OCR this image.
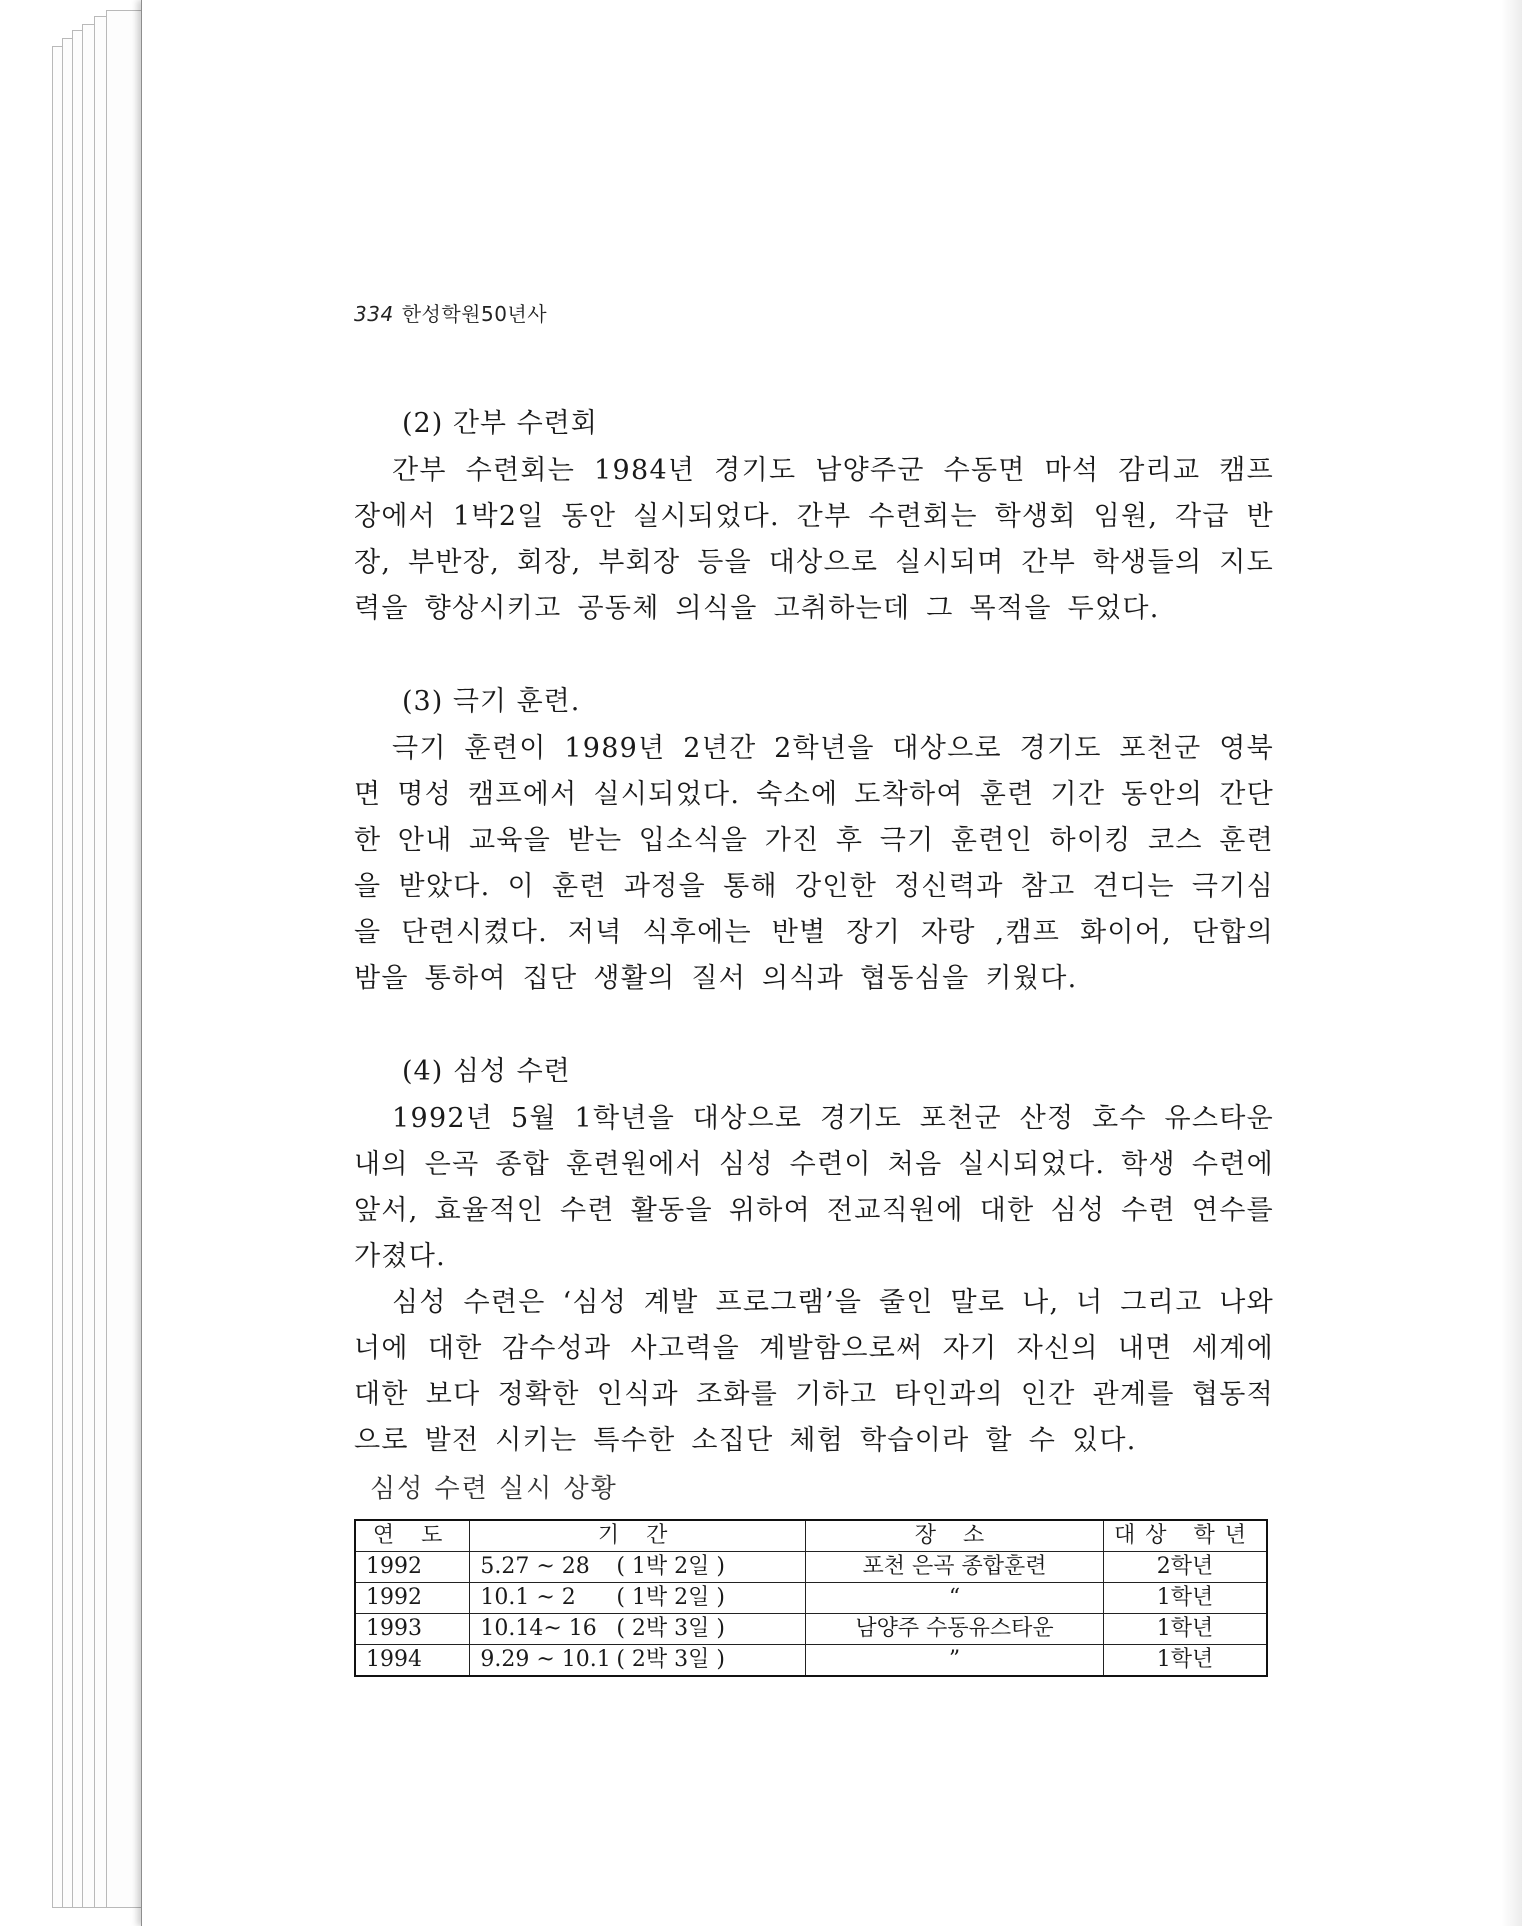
334 한성학원50년사

(2) 간부 수련회

간부 수련회는 1984년 경기도 남양주군 수동면 마석 감리교 캠프장에서 1박2일 동안 실시되었다. 간부 수련회는 학생회 임원, 각급 반장, 부반장, 회장, 부회장 등을 대상으로 실시되며 간부 학생들의 지도력을 향상시키고 공동체 의식을 고취하는데 그 목적을 두었다.

(3) 극기 훈련.

극기 훈련이 1989년 2년간 2학년을 대상으로 경기도 포천군 영북면 명성 캠프에서 실시되었다. 숙소에 도착하여 훈련 기간 동안의 간단한 안내 교육을 받는 입소식을 가진 후 극기 훈련인 하이킹 코스 훈련을 받았다. 이 훈련 과정을 통해 강인한 정신력과 참고 견디는 극기심을 단련시켰다. 저녁 식후에는 반별 장기 자랑 ,캠프 화이어, 단합의 밤을 통하여 집단 생활의 질서 의식과 협동심을 키웠다.

(4) 심성 수련

1992년 5월 1학년을 대상으로 경기도 포천군 산정 호수 유스타운 내의 은곡 종합 훈련원에서 심성 수련이 처음 실시되었다. 학생 수련에 앞서, 효율적인 수련 활동을 위하여 전교직원에 대한 심성 수련 연수를 가졌다.

심성 수련은 ‘심성 계발 프로그램’을 줄인 말로 나, 너 그리고 나와 너에 대한 감수성과 사고력을 계발함으로써 자기 자신의 내면 세계에 대한 보다 정확한 인식과 조화를 기하고 타인과의 인간 관계를 협동적으로 발전 시키는 특수한 소집단 체험 학습이라 할 수 있다.

심성 수련 실시 상황

연 도	기 간	장 소	대상 학년
1992	5.27 ~ 28 ( 1박 2일 )	포천 은곡 종합훈련	2학년
1992	10.1 ~ 2 ( 1박 2일 )	“	1학년
1993	10.14~ 16 ( 2박 3일 )	남양주 수동유스타운	1학년
1994	9.29 ~ 10.1 ( 2박 3일 )	”	1학년
